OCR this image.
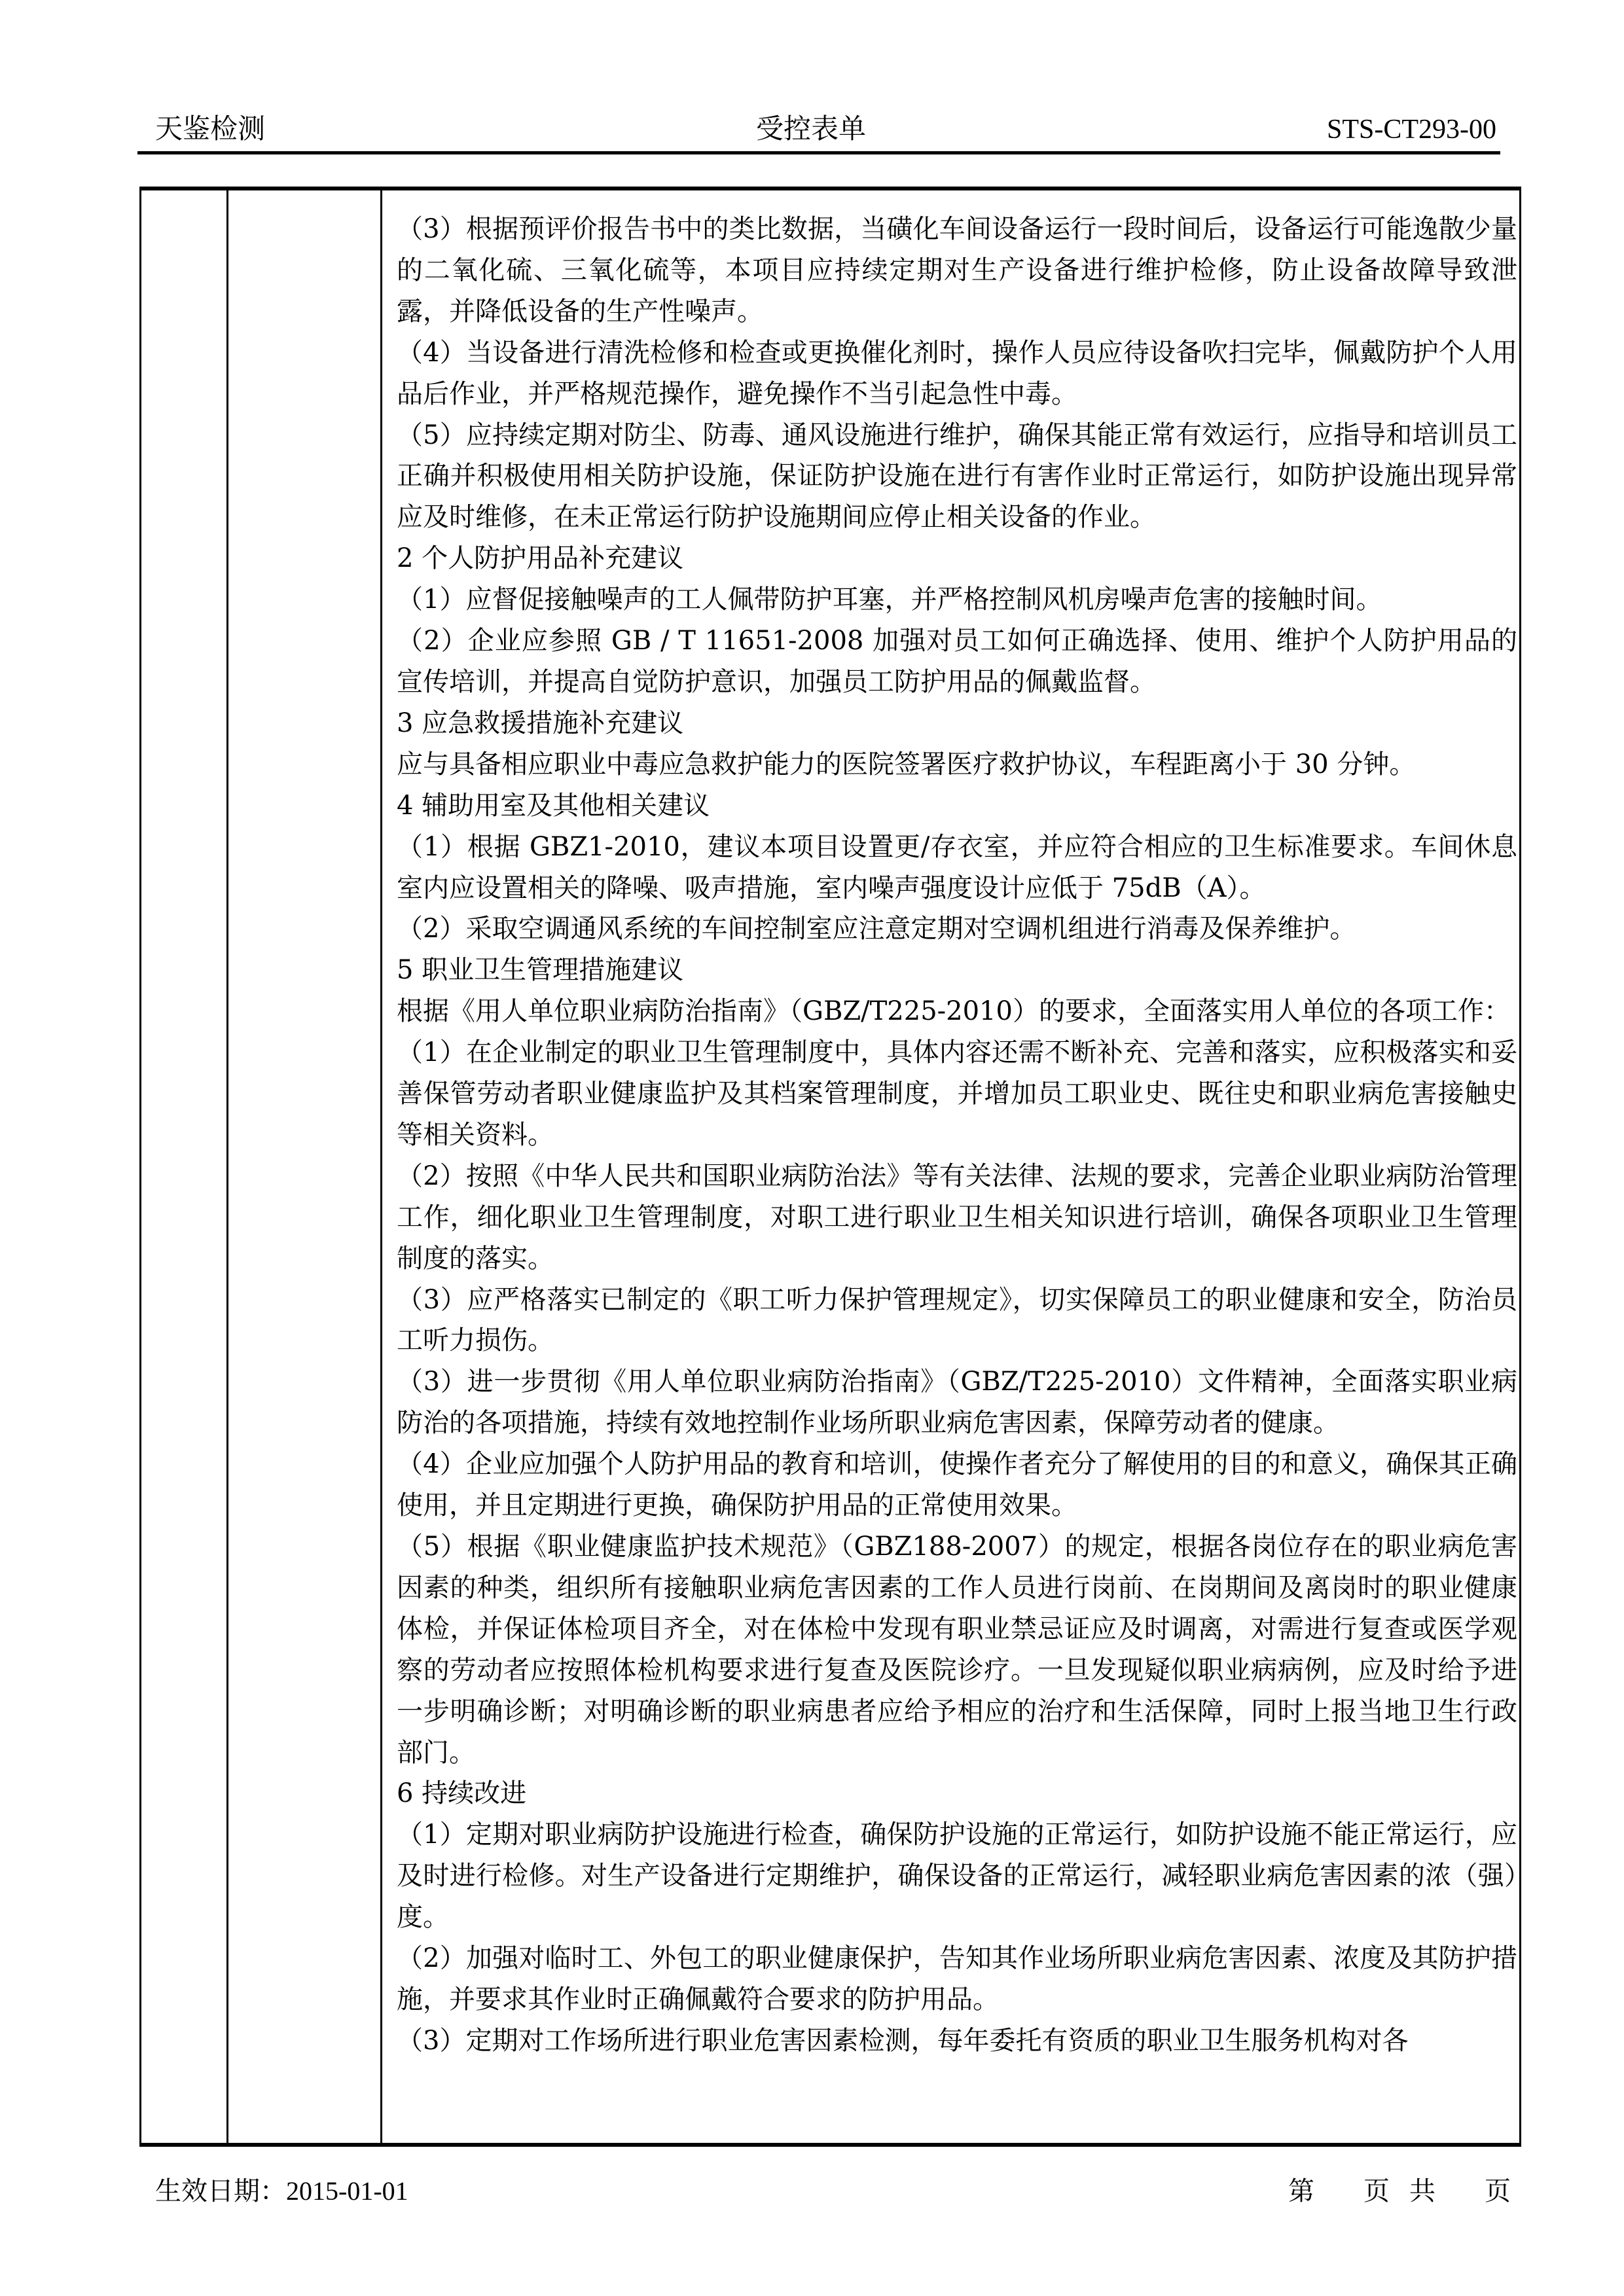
天鉴检测	受控表单	STS-CT293-00

（3）根据预评价报告书中的类比数据，当磺化车间设备运行一段时间后，设备运行可能逸散少量的二氧化硫、三氧化硫等，本项目应持续定期对生产设备进行维护检修，防止设备故障导致泄露，并降低设备的生产性噪声。

（4）当设备进行清洗检修和检查或更换催化剂时，操作人员应待设备吹扫完毕，佩戴防护个人用品后作业，并严格规范操作，避免操作不当引起急性中毒。

（5）应持续定期对防尘、防毒、通风设施进行维护，确保其能正常有效运行，应指导和培训员工正确并积极使用相关防护设施，保证防护设施在进行有害作业时正常运行，如防护设施出现异常应及时维修，在未正常运行防护设施期间应停止相关设备的作业。

2 个人防护用品补充建议

（1）应督促接触噪声的工人佩带防护耳塞，并严格控制风机房噪声危害的接触时间。

（2）企业应参照 GB / T 11651-2008 加强对员工如何正确选择、使用、维护个人防护用品的宣传培训，并提高自觉防护意识，加强员工防护用品的佩戴监督。

3 应急救援措施补充建议

应与具备相应职业中毒应急救护能力的医院签署医疗救护协议，车程距离小于 30 分钟。

4 辅助用室及其他相关建议

（1）根据 GBZ1-2010，建议本项目设置更/存衣室，并应符合相应的卫生标准要求。车间休息室内应设置相关的降噪、吸声措施，室内噪声强度设计应低于 75dB（A）。

（2）采取空调通风系统的车间控制室应注意定期对空调机组进行消毒及保养维护。

5 职业卫生管理措施建议

根据《用人单位职业病防治指南》（GBZ/T225-2010）的要求，全面落实用人单位的各项工作：

（1）在企业制定的职业卫生管理制度中，具体内容还需不断补充、完善和落实，应积极落实和妥善保管劳动者职业健康监护及其档案管理制度，并增加员工职业史、既往史和职业病危害接触史等相关资料。

（2）按照《中华人民共和国职业病防治法》等有关法律、法规的要求，完善企业职业病防治管理工作，细化职业卫生管理制度，对职工进行职业卫生相关知识进行培训，确保各项职业卫生管理制度的落实。

（3）应严格落实已制定的《职工听力保护管理规定》，切实保障员工的职业健康和安全，防治员工听力损伤。

（3）进一步贯彻《用人单位职业病防治指南》（GBZ/T225-2010）文件精神，全面落实职业病防治的各项措施，持续有效地控制作业场所职业病危害因素，保障劳动者的健康。

（4）企业应加强个人防护用品的教育和培训，使操作者充分了解使用的目的和意义，确保其正确使用，并且定期进行更换，确保防护用品的正常使用效果。

（5）根据《职业健康监护技术规范》（GBZ188-2007）的规定，根据各岗位存在的职业病危害因素的种类，组织所有接触职业病危害因素的工作人员进行岗前、在岗期间及离岗时的职业健康体检，并保证体检项目齐全，对在体检中发现有职业禁忌证应及时调离，对需进行复查或医学观察的劳动者应按照体检机构要求进行复查及医院诊疗。一旦发现疑似职业病病例，应及时给予进一步明确诊断；对明确诊断的职业病患者应给予相应的治疗和生活保障，同时上报当地卫生行政部门。

6 持续改进

（1）定期对职业病防护设施进行检查，确保防护设施的正常运行，如防护设施不能正常运行，应及时进行检修。对生产设备进行定期维护，确保设备的正常运行，减轻职业病危害因素的浓（强）度。

（2）加强对临时工、外包工的职业健康保护，告知其作业场所职业病危害因素、浓度及其防护措施，并要求其作业时正确佩戴符合要求的防护用品。

（3）定期对工作场所进行职业危害因素检测，每年委托有资质的职业卫生服务机构对各

生效日期：2015-01-01	第 页 共 页
